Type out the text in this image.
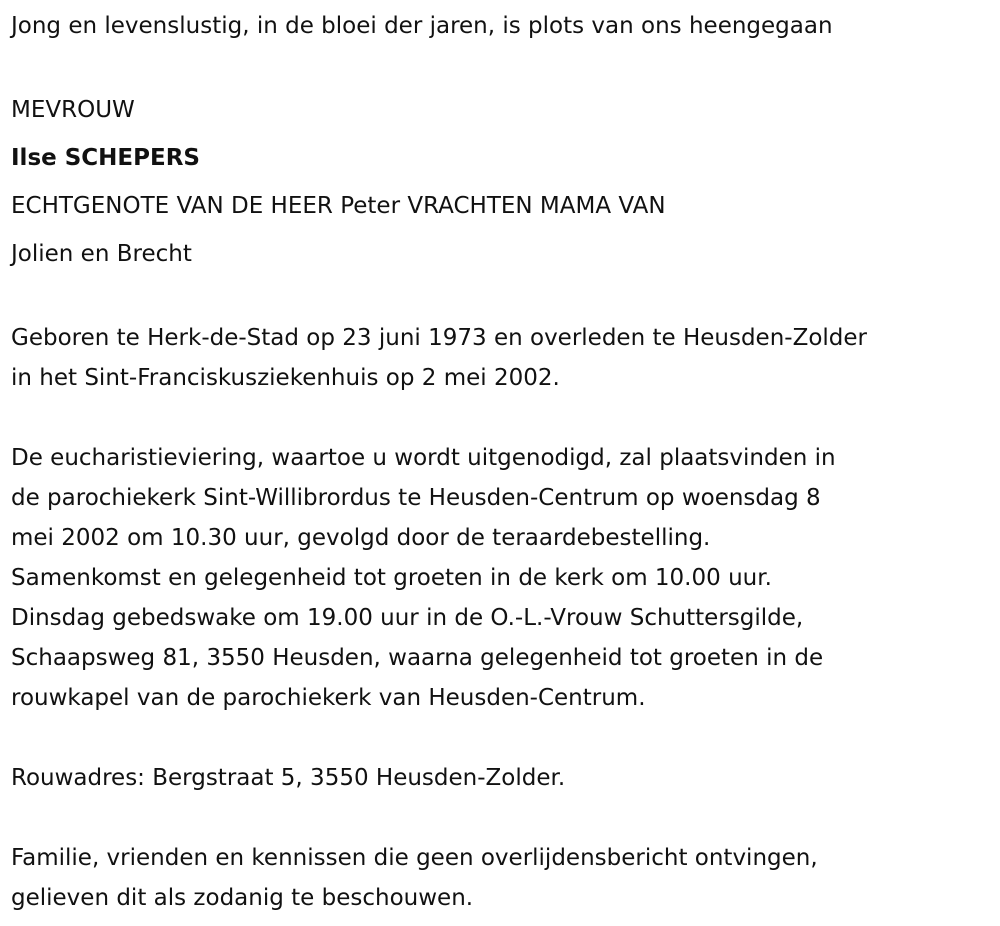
Jong en levenslustig, in de bloei der jaren, is plots van ons heengegaan

MEVROUW

Ilse SCHEPERS

ECHTGENOTE VAN DE HEER Peter VRACHTEN MAMA VAN

Jolien en Brecht

Geboren te Herk-de-Stad op 23 juni 1973 en overleden te Heusden-Zolder

in het Sint-Franciskusziekenhuis op 2 mei 2002.

De eucharistieviering, waartoe u wordt uitgenodigd, zal plaatsvinden in

de parochiekerk Sint-Willibrordus te Heusden-Centrum op woensdag 8

mei 2002 om 10.30 uur, gevolgd door de teraardebestelling.

Samenkomst en gelegenheid tot groeten in de kerk om 10.00 uur.

Dinsdag gebedswake om 19.00 uur in de O.-L.-Vrouw Schuttersgilde,

Schaapsweg 81, 3550 Heusden, waarna gelegenheid tot groeten in de

rouwkapel van de parochiekerk van Heusden-Centrum.

Rouwadres: Bergstraat 5, 3550 Heusden-Zolder.

Familie, vrienden en kennissen die geen overlijdensbericht ontvingen,

gelieven dit als zodanig te beschouwen.
